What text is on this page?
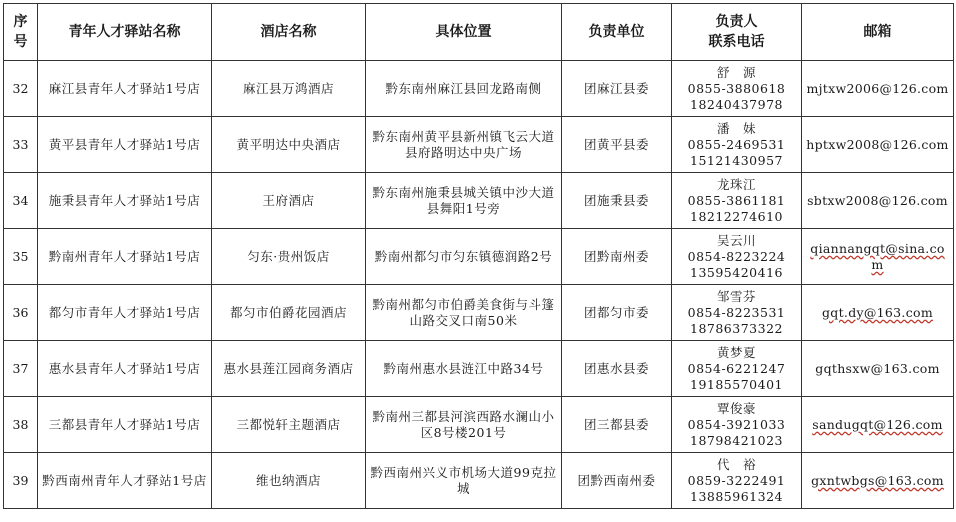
序号	青年人才驿站名称	酒店名称	具体位置	负责单位	负责人
联系电话	邮箱
32	麻江县青年人才驿站1号店	麻江县万鸿酒店	黔东南州麻江县回龙路南侧	团麻江县委	舒　源
0855-3880618
18240437978	mjtxw2006@126.com
33	黄平县青年人才驿站1号店	黄平明达中央酒店	黔东南州黄平县新州镇飞云大道县府路明达中央广场	团黄平县委	潘　妹
0855-2469531
15121430957	hptxw2008@126.com
34	施秉县青年人才驿站1号店	王府酒店	黔东南州施秉县城关镇中沙大道县舞阳1号旁	团施秉县委	龙珠江
0855-3861181
18212274610	sbtxw2008@126.com
35	黔南州青年人才驿站1号店	匀东·贵州饭店	黔南州都匀市匀东镇德润路2号	团黔南州委	吴云川
0854-8223224
13595420416	qiannangqt@sina.com

36	都匀市青年人才驿站1号店	都匀市伯爵花园酒店	黔南州都匀市伯爵美食街与斗篷山路交叉口南50米	团都匀市委	邹雪芬
0854-8223531
18786373322	gqt.dy@163.com
37	惠水县青年人才驿站1号店	惠水县莲江园商务酒店	黔南州惠水县涟江中路34号	团惠水县委	黄梦夏
0854-6221247
19185570401	gqthsxw@163.com
38	三都县青年人才驿站1号店	三都悦轩主题酒店	黔南州三都县河滨西路水澜山小区8号楼201号	团三都县委	覃俊豪
0854-3921033
18798421023	sandugqt@126.com
39	黔西南州青年人才驿站1号店	维也纳酒店	黔西南州兴义市机场大道99克拉城	团黔西南州委	代　裕
0859-3222491
13885961324	gxntwbgs@163.com
